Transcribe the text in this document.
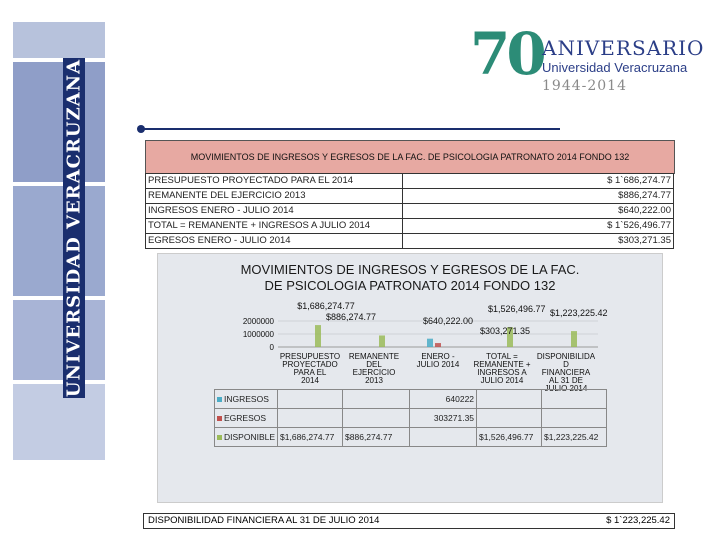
UNIVERSIDAD VERACRUZANA
70 ANIVERSARIO
Universidad Veracruzana
1944-2014
MOVIMIENTOS DE INGRESOS Y EGRESOS DE LA FAC. DE PSICOLOGIA PATRONATO 2014 FONDO 132
PRESUPUESTO PROYECTADO PARA EL 2014	$ 1`686,274.77
REMANENTE DEL EJERCICIO 2013	$886,274.77
INGRESOS ENERO - JULIO 2014	$640,222.00
TOTAL = REMANENTE + INGRESOS A JULIO 2014	$ 1`526,496.77
EGRESOS ENERO - JULIO 2014	$303,271.35
MOVIMIENTOS DE INGRESOS Y EGRESOS DE LA FAC.
DE PSICOLOGIA PATRONATO 2014 FONDO 132
0
1000000
2000000
PRESUPUESTO
PROYECTADO
PARA EL
2014
REMANENTE
DEL
EJERCICIO
2013
ENERO -
JULIO 2014
TOTAL =
REMANENTE +
INGRESOS A
JULIO 2014
DISPONIBILIDA
D
FINANCIERA
AL 31 DE
JULIO 2014
$1,686,274.77
$886,274.77	$640,222.00
$1,526,496.77 $1,223,225.42
$303,271.35
INGRESOS			640222		
EGRESOS			303271.35		
DISPONIBLE	$1,686,274.77	$886,274.77		$1,526,496.77	$1,223,225.42
DISPONIBILIDAD FINANCIERA AL 31 DE JULIO 2014	$ 1`223,225.42
